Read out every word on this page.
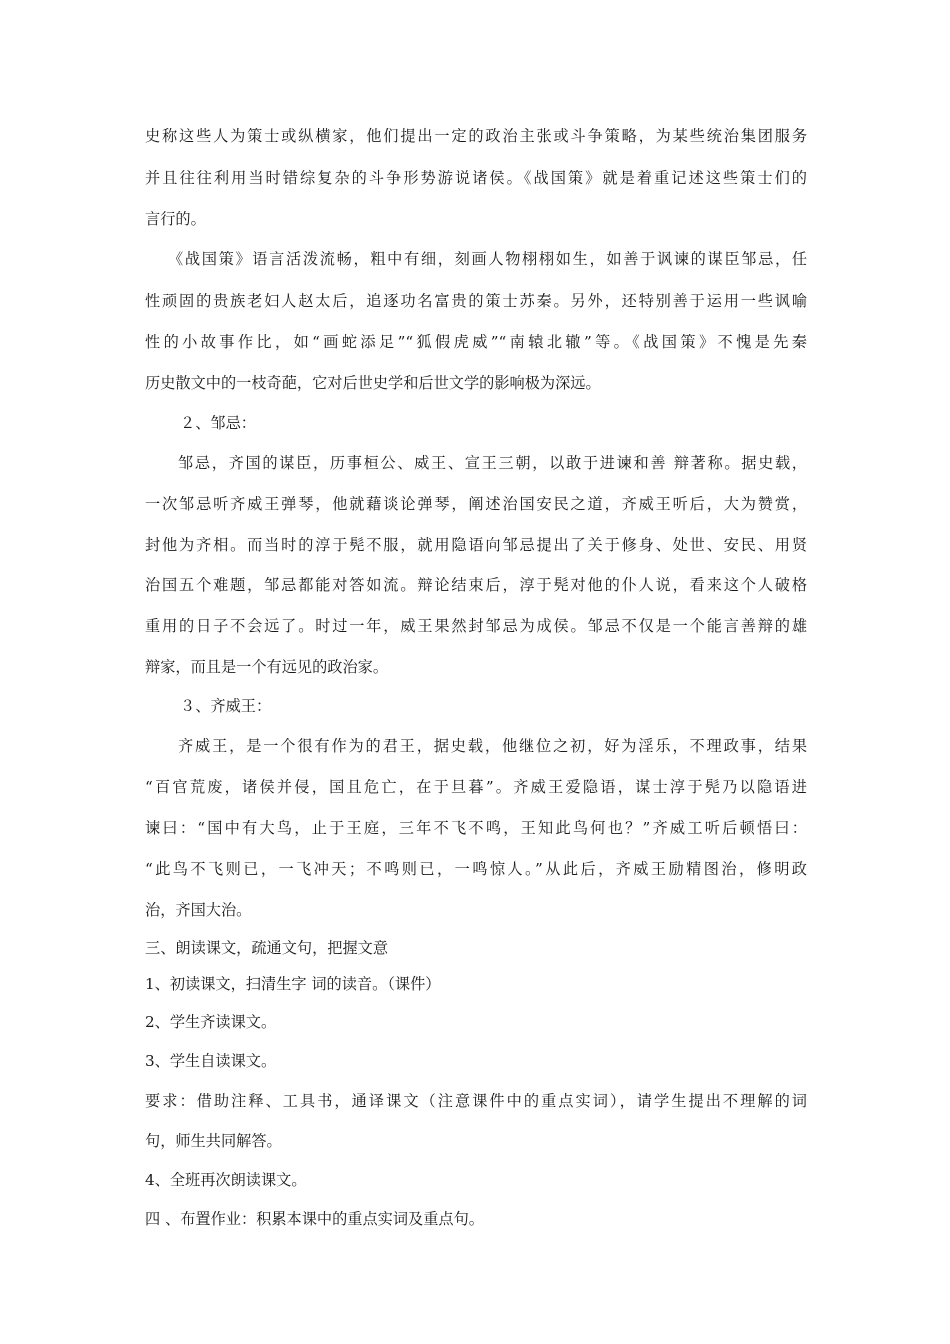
史称这些人为策士或纵横家，他们提出一定的政治主张或斗争策略，为某些统治集团服务
并且往往利用当时错综复杂的斗争形势游说诸侯。《战国策》就是着重记述这些策士们的
言行的。
《战国策》语言活泼流畅，粗中有细，刻画人物栩栩如生，如善于讽谏的谋臣邹忌，任
性顽固的贵族老妇人赵太后，追逐功名富贵的策士苏秦。另外，还特别善于运用一些讽喻
性的小故事作比，如“画蛇添足”“狐假虎威”“南辕北辙”等。《战国策》不愧是先秦
历史散文中的一枝奇葩，它对后世史学和后世文学的影响极为深远。
２、邹忌：
邹忌，齐国的谋臣，历事桓公、威王、宣王三朝，以敢于进谏和善 辩著称。据史载，
一次邹忌听齐威王弹琴，他就藉谈论弹琴，阐述治国安民之道，齐威王听后，大为赞赏，
封他为齐相。而当时的淳于髡不服，就用隐语向邹忌提出了关于修身、处世、安民、用贤
治国五个难题，邹忌都能对答如流。辩论结束后，淳于髡对他的仆人说，看来这个人破格
重用的日子不会远了。时过一年，威王果然封邹忌为成侯。邹忌不仅是一个能言善辩的雄
辩家，而且是一个有远见的政治家。
３、齐威王：
齐威王，是一个很有作为的君王，据史载，他继位之初，好为淫乐，不理政事，结果
“百官荒废，诸侯并侵，国且危亡，在于旦暮”。齐威王爱隐语，谋士淳于髡乃以隐语进
谏曰：“国中有大鸟，止于王庭，三年不飞不鸣，王知此鸟何也？”齐威工听后顿悟曰：
“此鸟不飞则已，一飞冲天；不鸣则已，一鸣惊人。”从此后，齐威王励精图治，修明政
治，齐国大治。
三、朗读课文，疏通文句，把握文意
1、初读课文，扫清生字 词的读音。（课件）
2、学生齐读课文。
3、学生自读课文。
要求：借助注释、工具书，通译课文（注意课件中的重点实词），请学生提出不理解的词
句，师生共同解答。
4、全班再次朗读课文。
四 、布置作业：积累本课中的重点实词及重点句。
